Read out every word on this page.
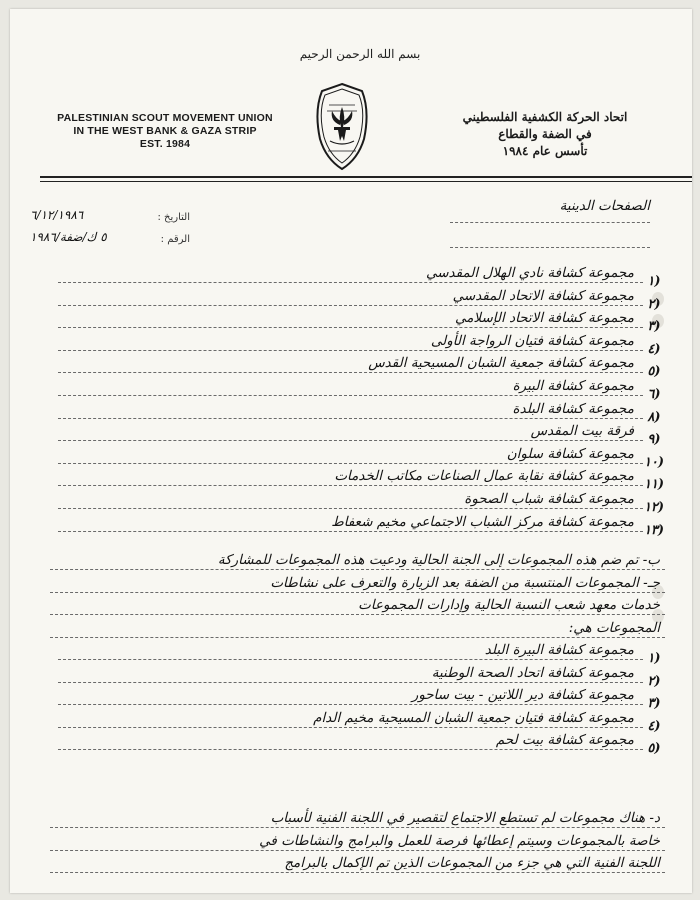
بسم الله الرحمن الرحيم
PALESTINIAN SCOUT MOVEMENT UNION
IN THE WEST BANK & GAZA STRIP
EST. 1984
اتحاد الحركة الكشفية الفلسطيني
في الضفة والقطاع
تأسس عام ١٩٨٤
التاريخ :
٦/١٢/١٩٨٦
الرقم :
٥ ك/ضفة/١٩٨٦
الصفحات الدينية
١)
مجموعة كشافة نادي الهلال المقدسي
٢)
مجموعة كشافة الاتحاد المقدسي
٣)
مجموعة كشافة الاتحاد الإسلامي
٤)
مجموعة كشافة فتيان الرواجة الأولى
٥)
مجموعة كشافة جمعية الشبان المسيحية القدس
٦)
مجموعة كشافة البيرة
٨)
مجموعة كشافة البلدة
٩)
فرقة بيت المقدس
١٠)
مجموعة كشافة سلوان
١١)
مجموعة كشافة نقابة عمال الصناعات مكاتب الخدمات
١٢)
مجموعة كشافة شباب الصحوة
١٣)
مجموعة كشافة مركز الشباب الاجتماعي مخيم شعفاط
ب- تم ضم هذه المجموعات إلى الجنة الحالية ودعيت هذه المجموعات للمشاركة
جـ- المجموعات المنتسبة من الضفة بعد الزيارة والتعرف على نشاطات
خدمات معهد شعب النسبة الحالية وإدارات المجموعات
المجموعات هي:
١)
مجموعة كشافة البيرة البلد
٢)
مجموعة كشافة اتحاد الصحة الوطنية
٣)
مجموعة كشافة دير اللاتين - بيت ساحور
٤)
مجموعة كشافة فتيان جمعية الشبان المسيحية مخيم الدام
٥)
مجموعة كشافة بيت لحم
د- هناك مجموعات لم تستطع الاجتماع لتقصير في اللجنة الفنية لأسباب
خاصة بالمجموعات وسيتم إعطائها فرصة للعمل والبرامج والنشاطات في
اللجنة الفنية التي هي جزء من المجموعات الذين تم الإكمال بالبرامج
